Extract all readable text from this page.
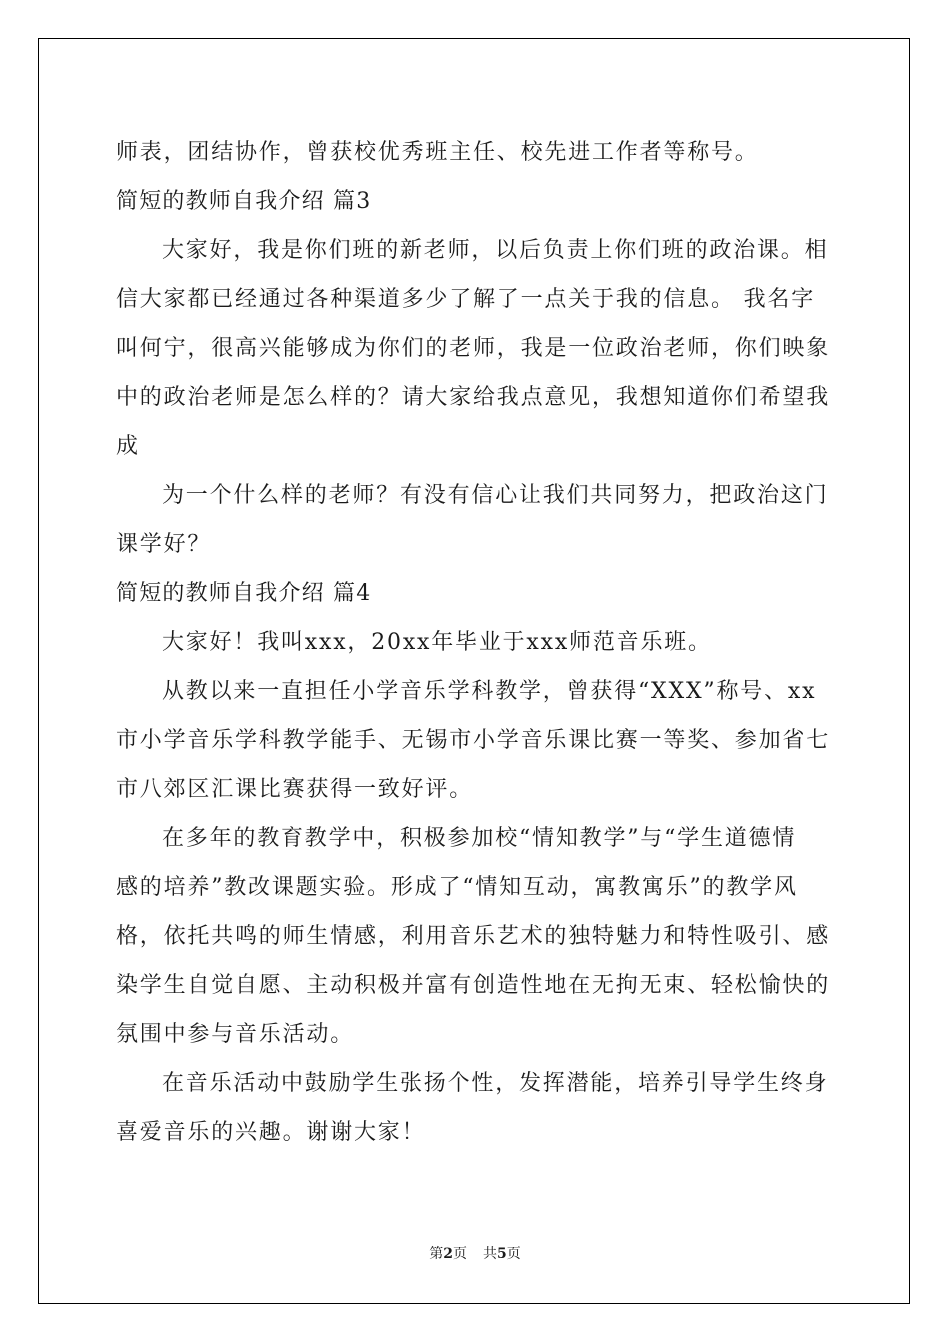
师表，团结协作，曾获校优秀班主任、校先进工作者等称号。
简短的教师自我介绍 篇3
大家好，我是你们班的新老师，以后负责上你们班的政治课。相
信大家都已经通过各种渠道多少了解了一点关于我的信息。 我名字
叫何宁，很高兴能够成为你们的老师，我是一位政治老师，你们映象
中的政治老师是怎么样的？请大家给我点意见，我想知道你们希望我
成
为一个什么样的老师？有没有信心让我们共同努力，把政治这门
课学好？
简短的教师自我介绍 篇4
大家好！我叫xxx，20xx年毕业于xxx师范音乐班。
从教以来一直担任小学音乐学科教学，曾获得“XXX”称号、xx
市小学音乐学科教学能手、无锡市小学音乐课比赛一等奖、参加省七
市八郊区汇课比赛获得一致好评。
在多年的教育教学中，积极参加校“情知教学”与“学生道德情
感的培养”教改课题实验。形成了“情知互动，寓教寓乐”的教学风
格，依托共鸣的师生情感，利用音乐艺术的独特魅力和特性吸引、感
染学生自觉自愿、主动积极并富有创造性地在无拘无束、轻松愉快的
氛围中参与音乐活动。
在音乐活动中鼓励学生张扬个性，发挥潜能，培养引导学生终身
喜爱音乐的兴趣。谢谢大家！
第2页 共5页
